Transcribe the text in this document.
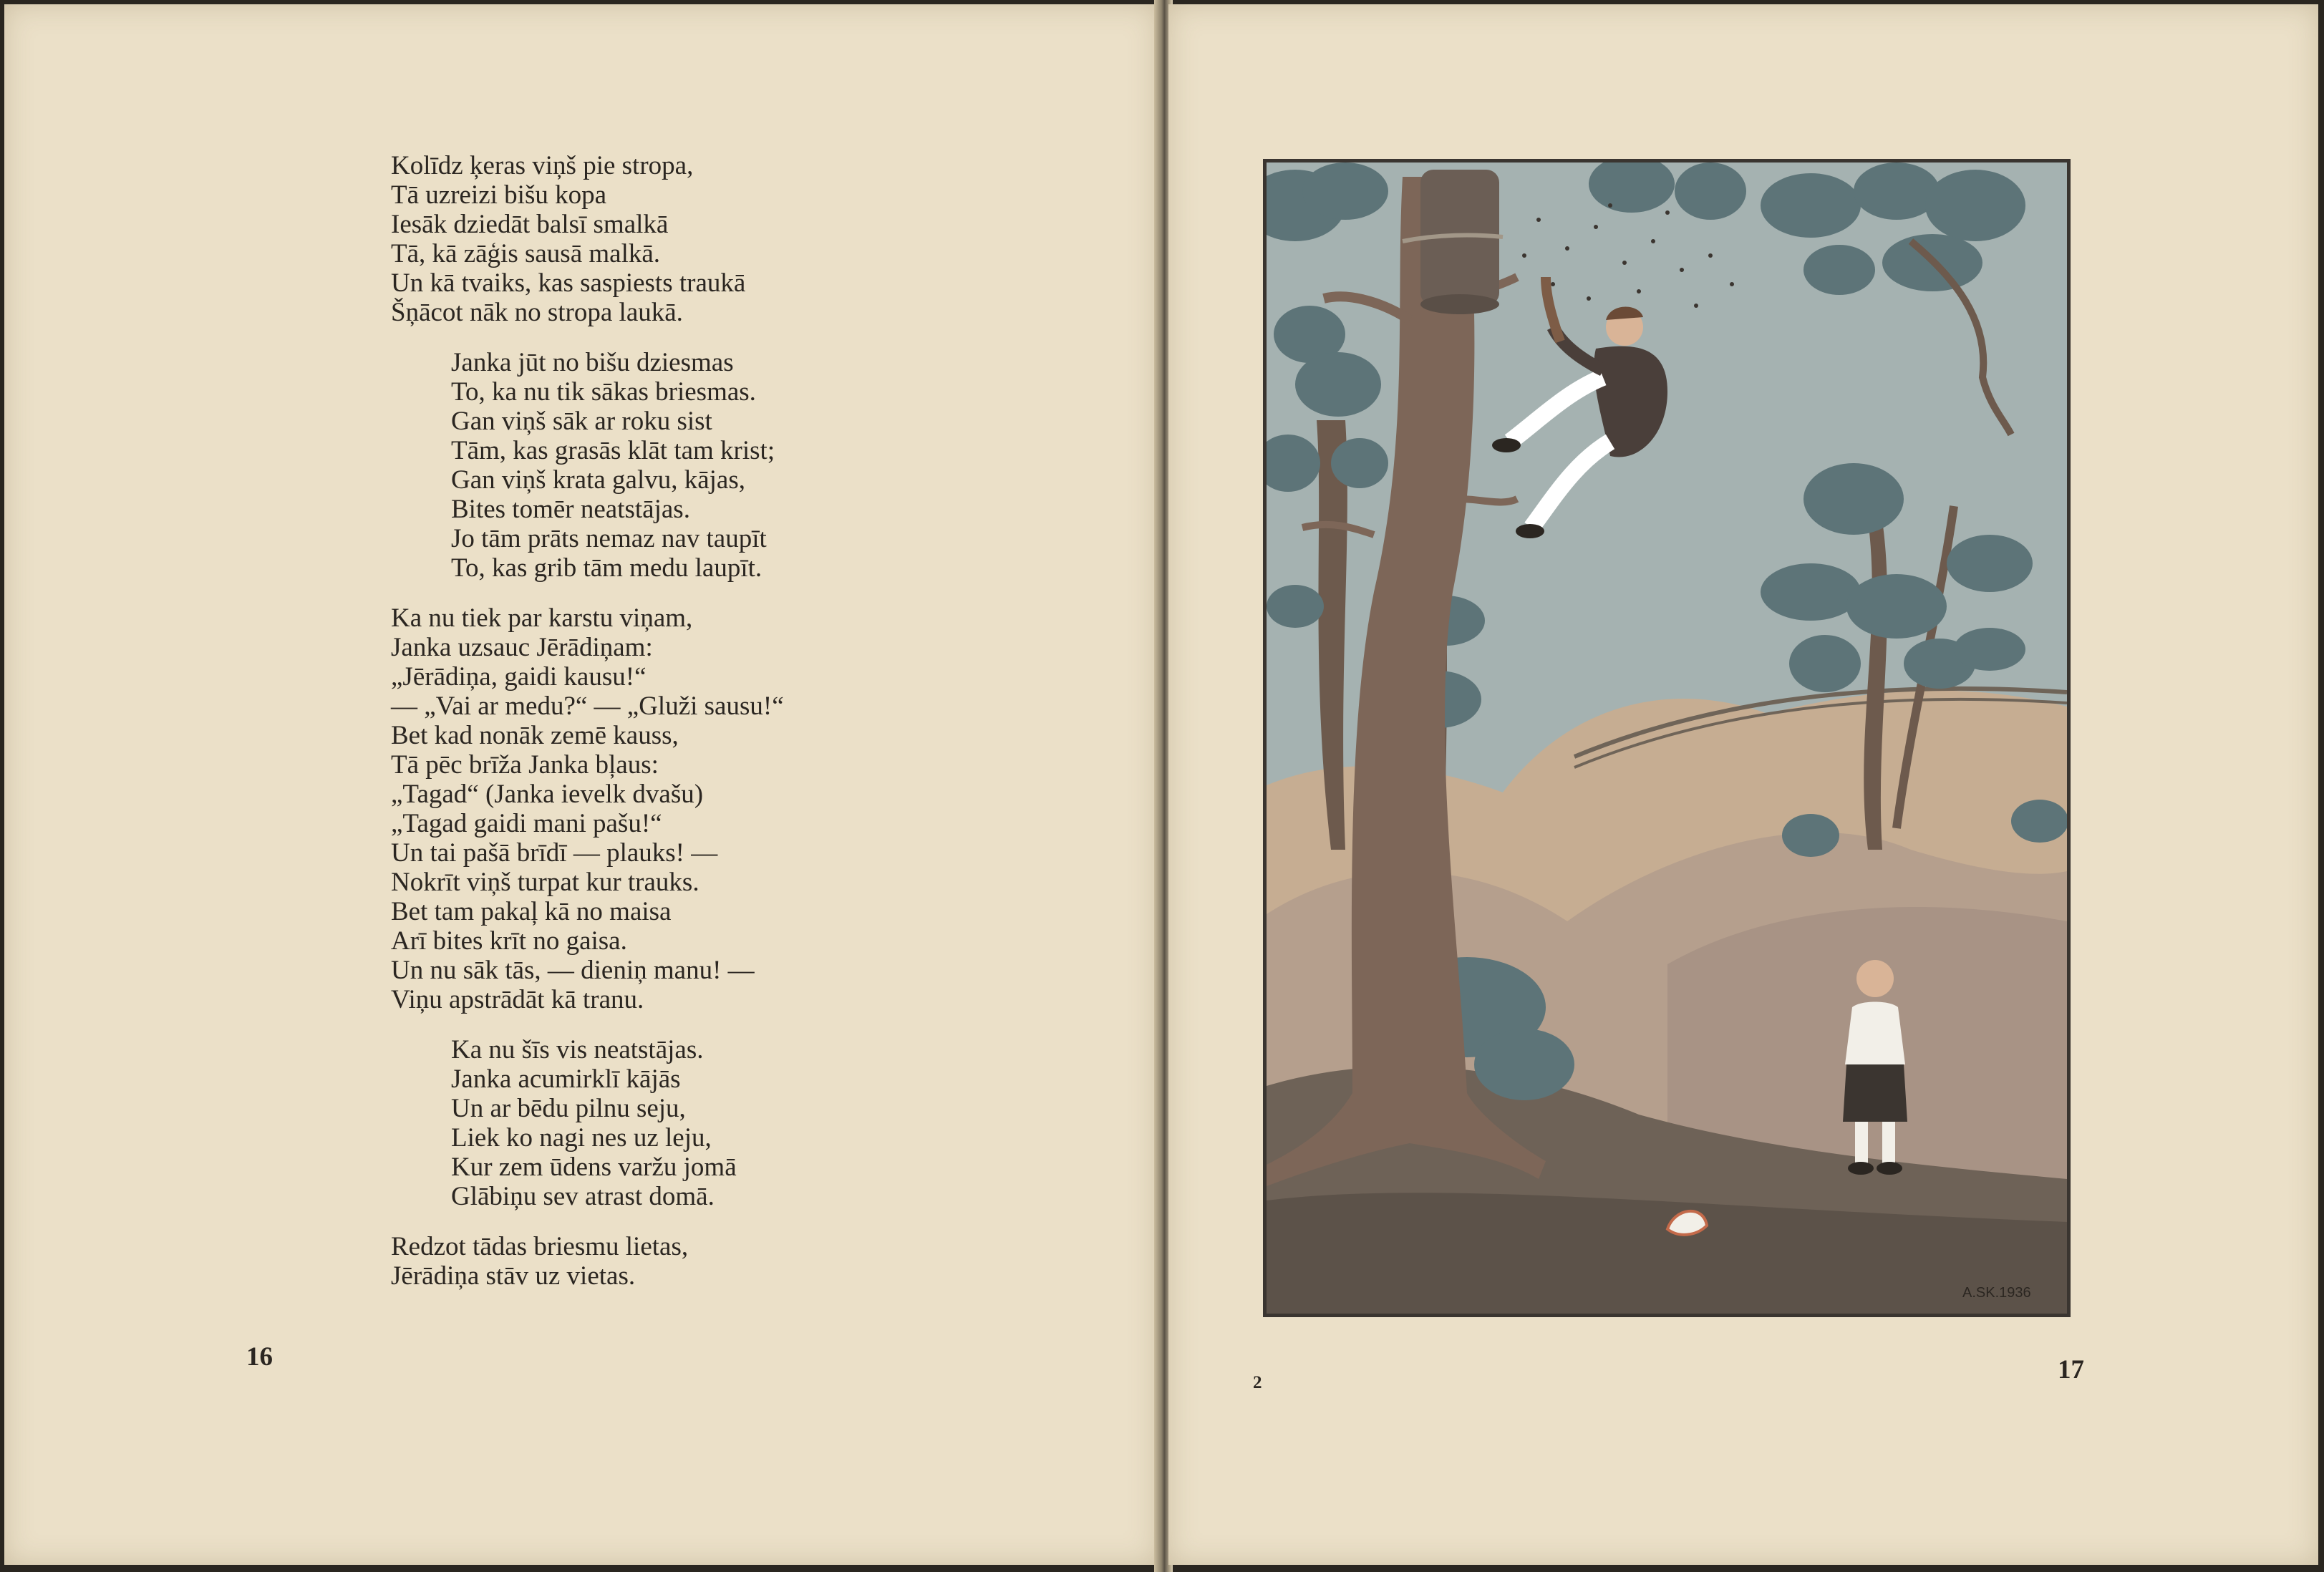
Kolīdz ķeras viņš pie stropa,
Tā uzreizi bišu kopa
Iesāk dziedāt balsī smalkā
Tā, kā zāģis sausā malkā.
Un kā tvaiks, kas saspiests traukā
Šņācot nāk no stropa laukā.
Janka jūt no bišu dziesmas
To, ka nu tik sākas briesmas.
Gan viņš sāk ar roku sist
Tām, kas grasās klāt tam krist;
Gan viņš krata galvu, kājas,
Bites tomēr neatstājas.
Jo tām prāts nemaz nav taupīt
To, kas grib tām medu laupīt.
Ka nu tiek par karstu viņam,
Janka uzsauc Jērādiņam:
„Jērādiņa, gaidi kausu!“
— „Vai ar medu?“ — „Gluži sausu!“
Bet kad nonāk zemē kauss,
Tā pēc brīža Janka bļaus:
„Tagad“ (Janka ievelk dvašu)
„Tagad gaidi mani pašu!“
Un tai pašā brīdī — plauks! —
Nokrīt viņš turpat kur trauks.
Bet tam pakaļ kā no maisa
Arī bites krīt no gaisa.
Un nu sāk tās, — dieniņ manu! —
Viņu apstrādāt kā tranu.
Ka nu šīs vis neatstājas.
Janka acumirklī kājās
Un ar bēdu pilnu seju,
Liek ko nagi nes uz leju,
Kur zem ūdens varžu jomā
Glābiņu sev atrast domā.
Redzot tādas briesmu lietas,
Jērādiņa stāv uz vietas.
16
2	17
A.SK.1936
